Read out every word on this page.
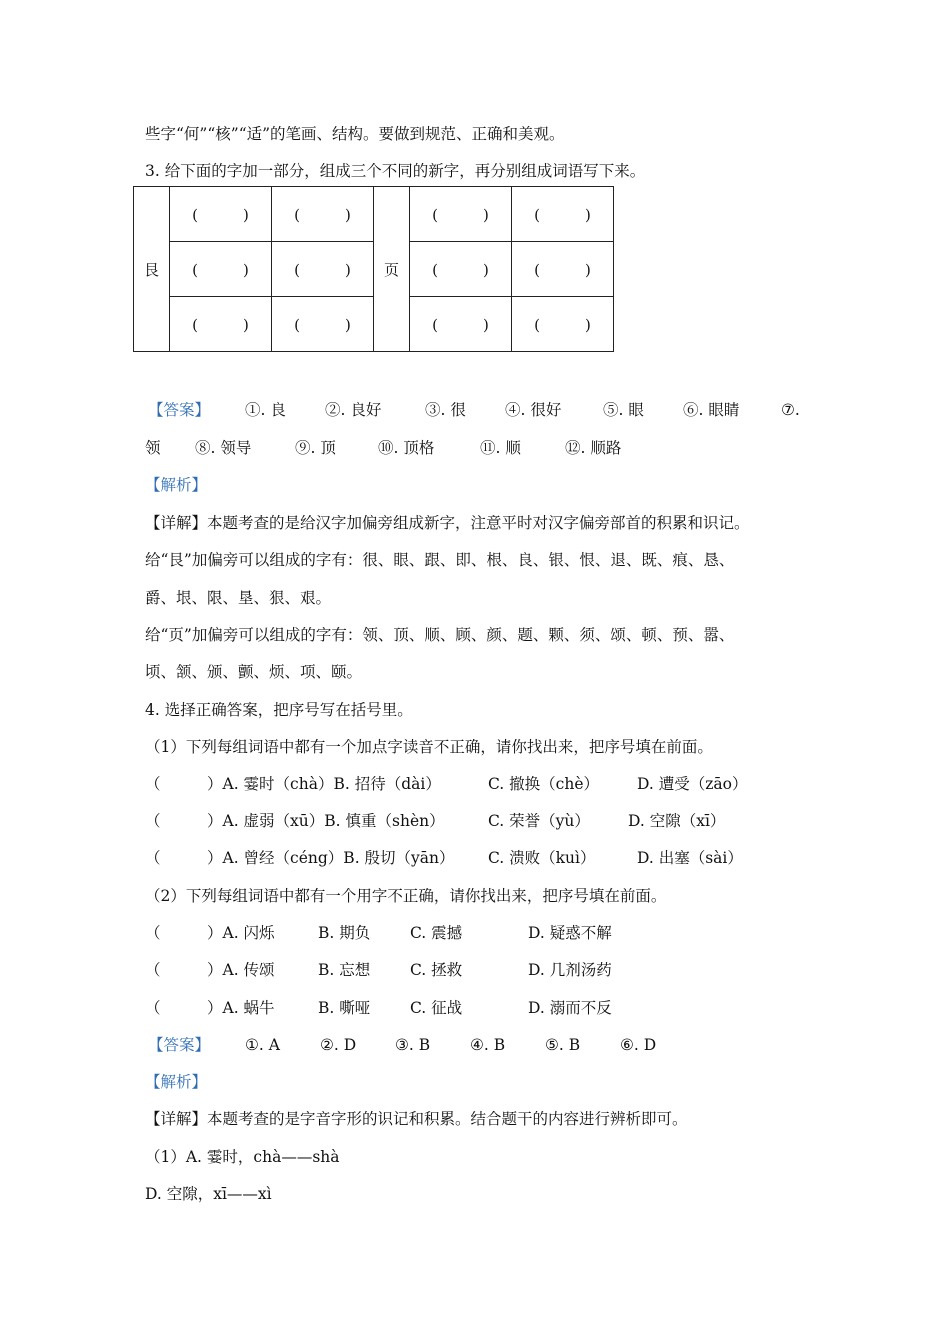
些字“何”“核”“适”的笔画、结构。要做到规范、正确和美观。
3. 给下面的字加一部分，组成三个不同的新字，再分别组成词语写下来。
艮	(　　　)	(　　　)	页	(　　　)	(　　　)
	(　　　)	(　　　)		(　　　)	(　　　)
	(　　　)	(　　　)		(　　　)	(　　　)
【答案】 ①. 良	②. 良好	③. 很	④. 很好	⑤. 眼	⑥. 眼睛	⑦.
领 ⑧. 领导	⑨. 顶	⑩. 顶格	⑪. 顺	⑫. 顺路
【解析】
【详解】本题考查的是给汉字加偏旁组成新字，注意平时对汉字偏旁部首的积累和识记。
给“艮”加偏旁可以组成的字有：很、眼、跟、即、根、良、银、恨、退、既、痕、恳、
爵、垠、限、垦、狠、艰。
给“页”加偏旁可以组成的字有：领、顶、顺、顾、颜、题、颗、须、颂、顿、预、嚣、
顷、颔、颁、颤、烦、项、颐。
4. 选择正确答案，把序号写在括号里。
（1）下列每组词语中都有一个加点字读音不正确，请你找出来，把序号填在前面。
（　　　）A. 霎时（chà）B. 招待（dài）	C. 撤换（chè） D. 遭受（zāo）
（　　　）A. 虚弱（xū）B. 慎重（shèn）	C. 荣誉（yù） D. 空隙（xī）
（　　　）A. 曾经（céng）B. 殷切（yān） C. 溃败（kuì）	D. 出塞（sài）
（2）下列每组词语中都有一个用字不正确，请你找出来，把序号填在前面。
（　　　）A. 闪烁	B. 期负	C. 震撼	D. 疑惑不解
（　　　）A. 传颂	B. 忘想	C. 拯救	D. 几剂汤药
（　　　）A. 蜗牛	B. 嘶哑	C. 征战	D. 溺而不反
【答案】 ①. A	②. D	③. B	④. B	⑤. B	⑥. D
【解析】
【详解】本题考查的是字音字形的识记和积累。结合题干的内容进行辨析即可。
（1）A. 霎时，chà——shà
D. 空隙，xī——xì
